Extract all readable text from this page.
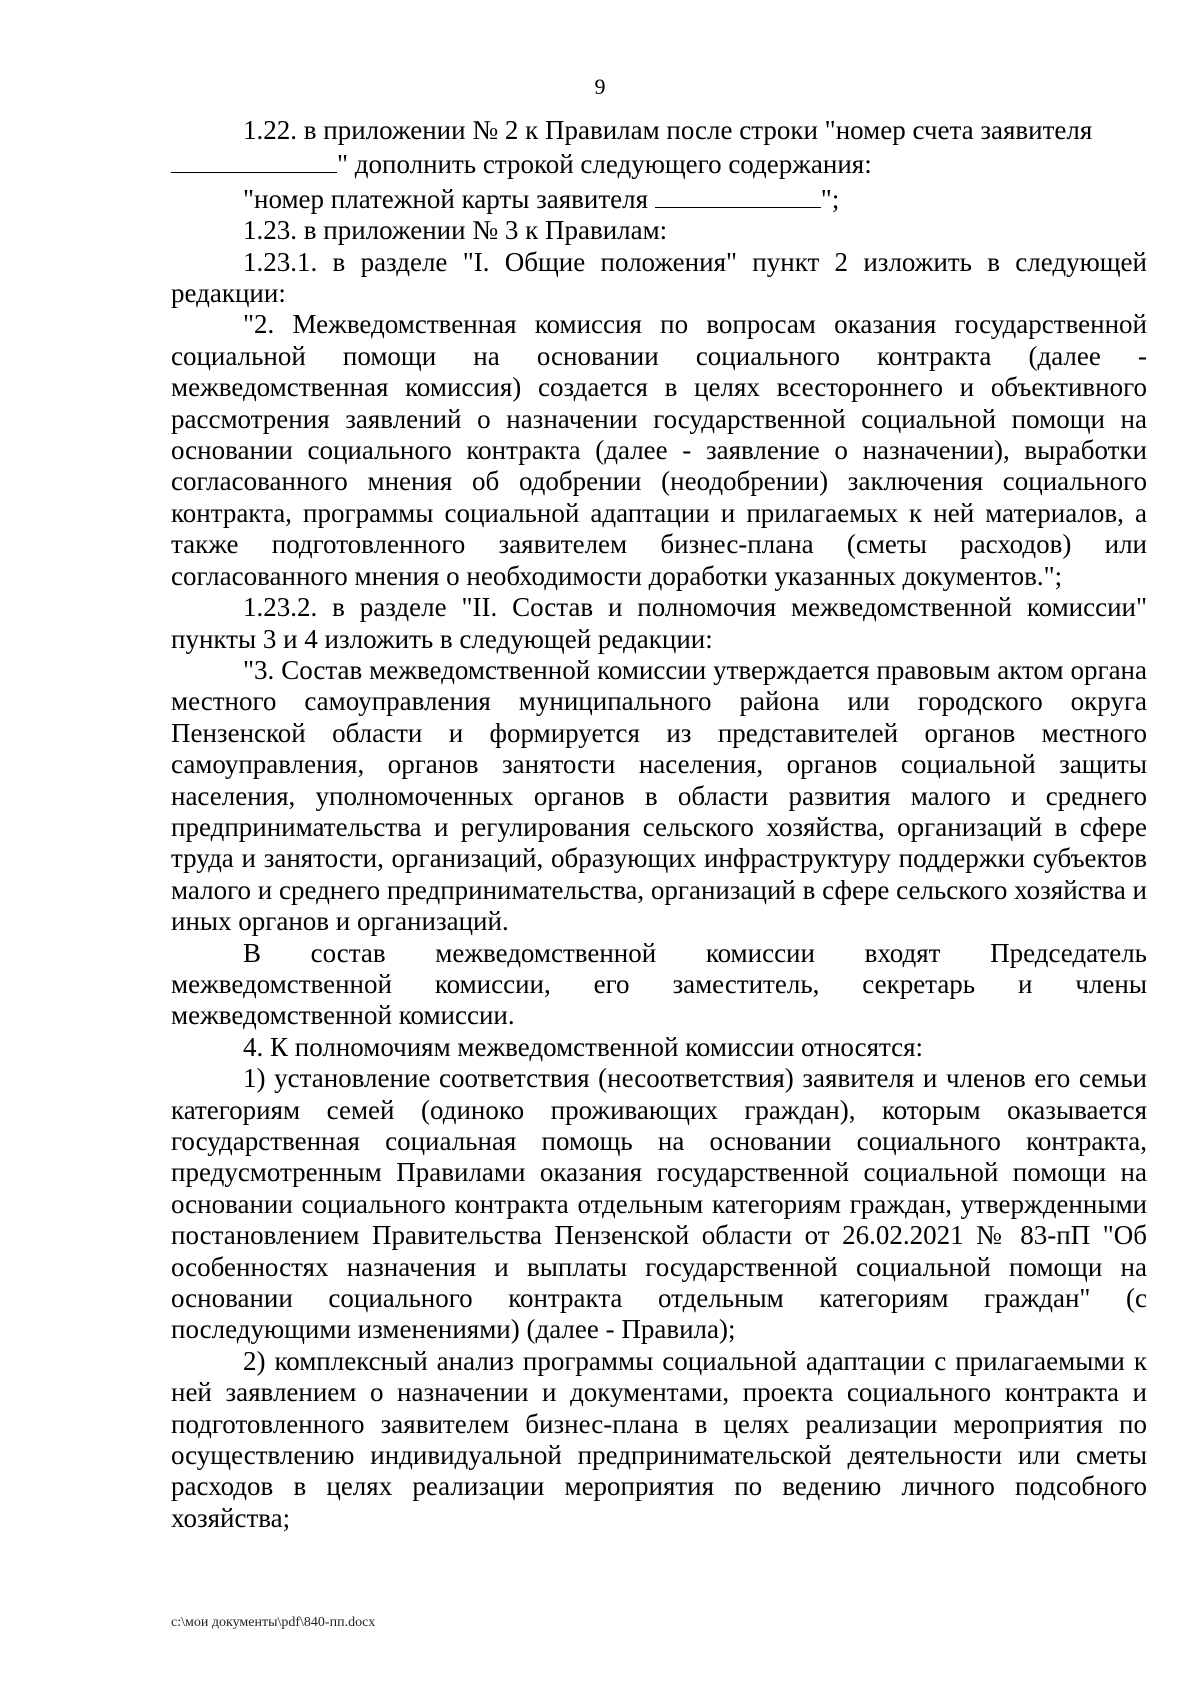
9

1.22. в приложении № 2 к Правилам после строки "номер счета заявителя

" дополнить строкой следующего содержания:

"номер платежной карты заявителя	";

1.23. в приложении № 3 к Правилам:

1.23.1. в разделе "I. Общие положения" пункт 2 изложить в следующей редакции:

"2. Межведомственная комиссия по вопросам оказания государственной социальной помощи на основании социального контракта (далее - межведомственная комиссия) создается в целях всестороннего и объективного рассмотрения заявлений о назначении государственной социальной помощи на основании социального контракта (далее - заявление о назначении), выработки согласованного мнения об одобрении (неодобрении) заключения социального контракта, программы социальной адаптации и прилагаемых к ней материалов, а также подготовленного заявителем бизнес-плана (сметы расходов) или согласованного мнения о необходимости доработки указанных документов.";

1.23.2. в разделе "II. Состав и полномочия межведомственной комиссии" пункты 3 и 4 изложить в следующей редакции:

"3. Состав межведомственной комиссии утверждается правовым актом органа местного самоуправления муниципального района или городского округа Пензенской области и формируется из представителей органов местного самоуправления, органов занятости населения, органов социальной защиты населения, уполномоченных органов в области развития малого и среднего предпринимательства и регулирования сельского хозяйства, организаций в сфере труда и занятости, организаций, образующих инфраструктуру поддержки субъектов малого и среднего предпринимательства, организаций в сфере сельского хозяйства и иных органов и организаций.

В состав межведомственной комиссии входят Председатель межведомственной комиссии, его заместитель, секретарь и члены межведомственной комиссии.

4. К полномочиям межведомственной комиссии относятся:

1) установление соответствия (несоответствия) заявителя и членов его семьи категориям семей (одиноко проживающих граждан), которым оказывается государственная социальная помощь на основании социального контракта, предусмотренным Правилами оказания государственной социальной помощи на основании социального контракта отдельным категориям граждан, утвержденными постановлением Правительства Пензенской области от 26.02.2021 № 83-пП "Об особенностях назначения и выплаты государственной социальной помощи на основании социального контракта отдельным категориям граждан" (с последующими изменениями) (далее - Правила);

2) комплексный анализ программы социальной адаптации с прилагаемыми к ней заявлением о назначении и документами, проекта социального контракта и подготовленного заявителем бизнес-плана в целях реализации мероприятия по осуществлению индивидуальной предпринимательской деятельности или сметы расходов в целях реализации мероприятия по ведению личного подсобного хозяйства;

c:\мои документы\pdf\840-пп.docx
